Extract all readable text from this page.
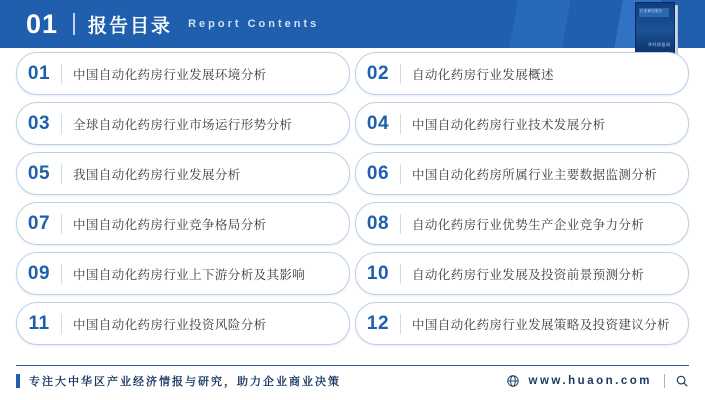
01 报告目录 Report Contents
行业研究报告
华经情报网
01	中国自动化药房行业发展环境分析	02	自动化药房行业发展概述
03	全球自动化药房行业市场运行形势分析	04	中国自动化药房行业技术发展分析
05	我国自动化药房行业发展分析	06	中国自动化药房所属行业主要数据监测分析
07	中国自动化药房行业竞争格局分析	08	自动化药房行业优势生产企业竞争力分析
09	中国自动化药房行业上下游分析及其影响	10	自动化药房行业发展及投资前景预测分析
11	中国自动化药房行业投资风险分析	12	中国自动化药房行业发展策略及投资建议分析
专注大中华区产业经济情报与研究，助力企业商业决策	www.huaon.com
